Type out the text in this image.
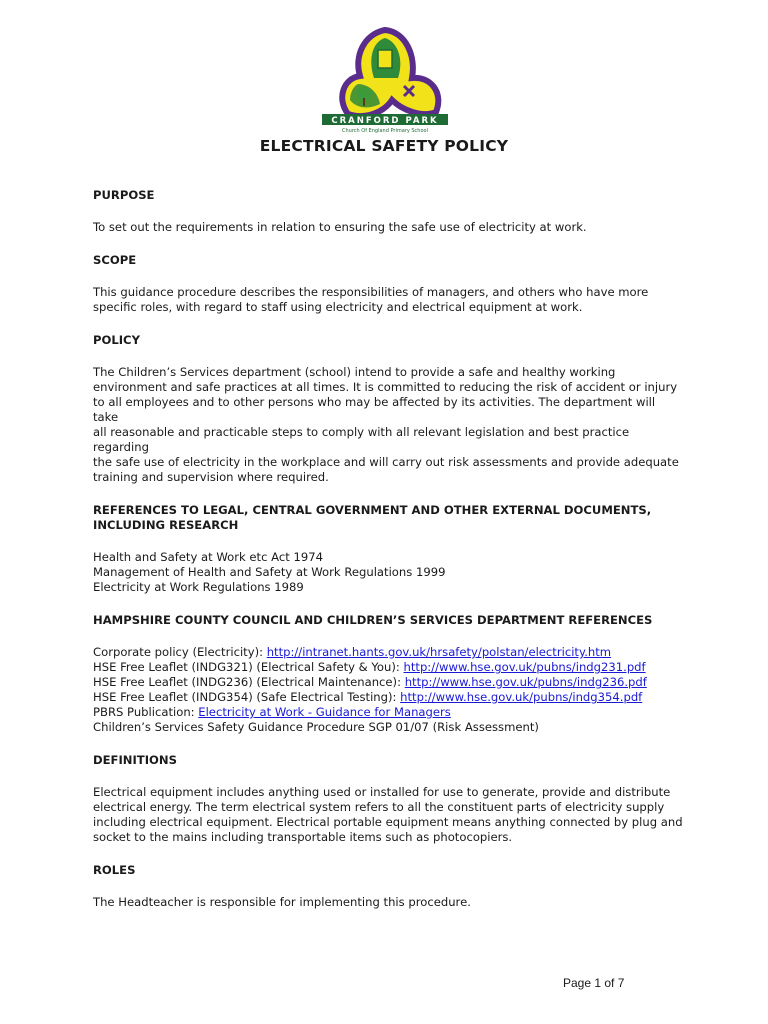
CRANFORD PARK
Church Of England Primary School
ELECTRICAL SAFETY POLICY
PURPOSE

To set out the requirements in relation to ensuring the safe use of electricity at work.

SCOPE

This guidance procedure describes the responsibilities of managers, and others who have more
specific roles, with regard to staff using electricity and electrical equipment at work.

POLICY

The Children’s Services department (school) intend to provide a safe and healthy working
environment and safe practices at all times. It is committed to reducing the risk of accident or injury
to all employees and to other persons who may be affected by its activities. The department will take
all reasonable and practicable steps to comply with all relevant legislation and best practice regarding
the safe use of electricity in the workplace and will carry out risk assessments and provide adequate
training and supervision where required.

REFERENCES TO LEGAL, CENTRAL GOVERNMENT AND OTHER EXTERNAL DOCUMENTS,
INCLUDING RESEARCH

Health and Safety at Work etc Act 1974
Management of Health and Safety at Work Regulations 1999
Electricity at Work Regulations 1989

HAMPSHIRE COUNTY COUNCIL AND CHILDREN’S SERVICES DEPARTMENT REFERENCES

Corporate policy (Electricity): http://intranet.hants.gov.uk/hrsafety/polstan/electricity.htm
HSE Free Leaflet (INDG321) (Electrical Safety & You): http://www.hse.gov.uk/pubns/indg231.pdf
HSE Free Leaflet (INDG236) (Electrical Maintenance): http://www.hse.gov.uk/pubns/indg236.pdf
HSE Free Leaflet (INDG354) (Safe Electrical Testing): http://www.hse.gov.uk/pubns/indg354.pdf
PBRS Publication: Electricity at Work - Guidance for Managers
Children’s Services Safety Guidance Procedure SGP 01/07 (Risk Assessment)

DEFINITIONS

Electrical equipment includes anything used or installed for use to generate, provide and distribute
electrical energy. The term electrical system refers to all the constituent parts of electricity supply
including electrical equipment. Electrical portable equipment means anything connected by plug and
socket to the mains including transportable items such as photocopiers.

ROLES

The Headteacher is responsible for implementing this procedure.

Page 1 of 7
